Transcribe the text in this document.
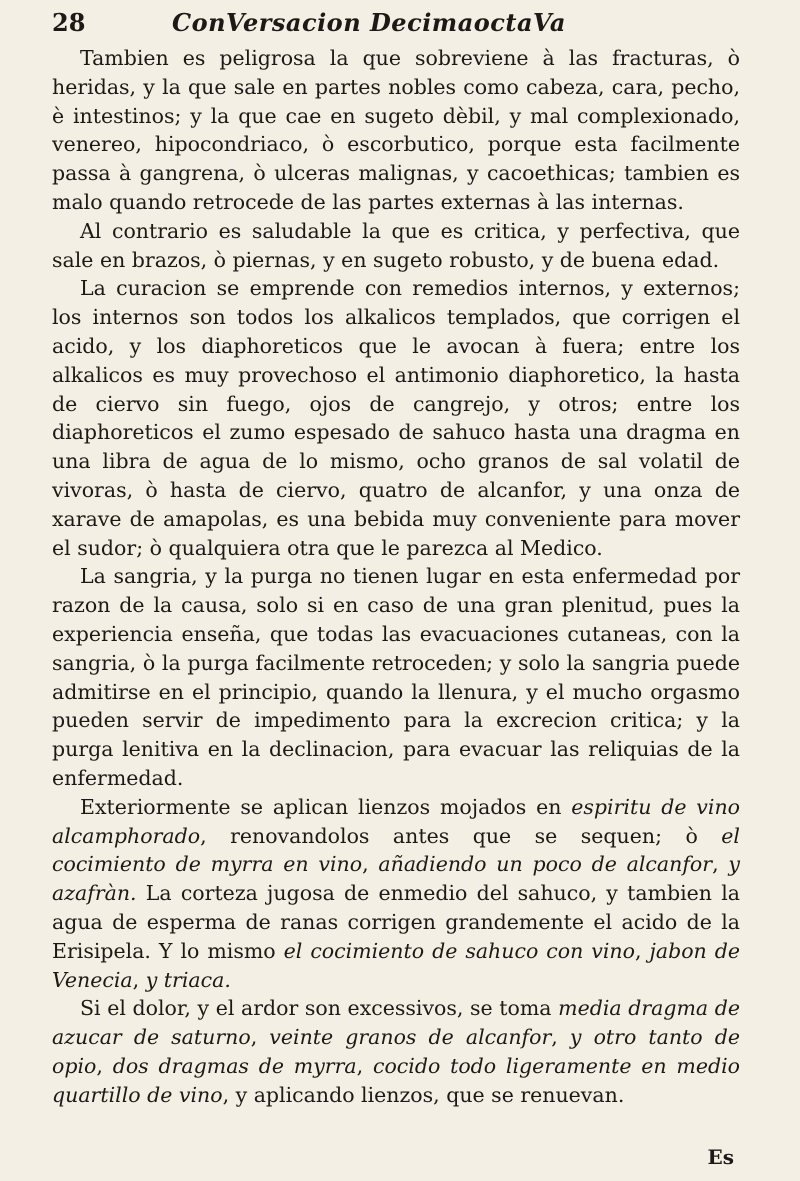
28	ConVersacion DecimaoctaVa

Tambien es peligrosa la que sobreviene à las fracturas, ò heridas, y la que sale en partes nobles como cabeza, cara, pecho, è intestinos; y la que cae en sugeto dèbil, y mal complexionado, venereo, hipocondriaco, ò escorbutico, porque esta facilmente passa à gangrena, ò ulceras malignas, y cacoethicas; tambien es malo quando retrocede de las partes externas à las internas.

Al contrario es saludable la que es critica, y perfectiva, que sale en brazos, ò piernas, y en sugeto robusto, y de buena edad.

La curacion se emprende con remedios internos, y externos; los internos son todos los alkalicos templados, que corrigen el acido, y los diaphoreticos que le avocan à fuera; entre los alkalicos es muy provechoso el antimonio diaphoretico, la hasta de ciervo sin fuego, ojos de cangrejo, y otros; entre los diaphoreticos el zumo espesado de sahuco hasta una dragma en una libra de agua de lo mismo, ocho granos de sal volatil de vivoras, ò hasta de ciervo, quatro de alcanfor, y una onza de xarave de amapolas, es una bebida muy conveniente para mover el sudor; ò qualquiera otra que le parezca al Medico.

La sangria, y la purga no tienen lugar en esta enfermedad por razon de la causa, solo si en caso de una gran plenitud, pues la experiencia enseña, que todas las evacuaciones cutaneas, con la sangria, ò la purga facilmente retroceden; y solo la sangria puede admitirse en el principio, quando la llenura, y el mucho orgasmo pueden servir de impedimento para la excrecion critica; y la purga lenitiva en la declinacion, para evacuar las reliquias de la enfermedad.

Exteriormente se aplican lienzos mojados en espiritu de vino alcamphorado, renovandolos antes que se sequen; ò el cocimiento de myrra en vino, añadiendo un poco de alcanfor, y azafràn. La corteza jugosa de enmedio del sahuco, y tambien la agua de esperma de ranas corrigen grandemente el acido de la Erisipela. Y lo mismo el cocimiento de sahuco con vino, jabon de Venecia, y triaca.

Si el dolor, y el ardor son excessivos, se toma media dragma de azucar de saturno, veinte granos de alcanfor, y otro tanto de opio, dos dragmas de myrra, cocido todo ligeramente en medio quartillo de vino, y aplicando lienzos, que se renuevan.

Es
